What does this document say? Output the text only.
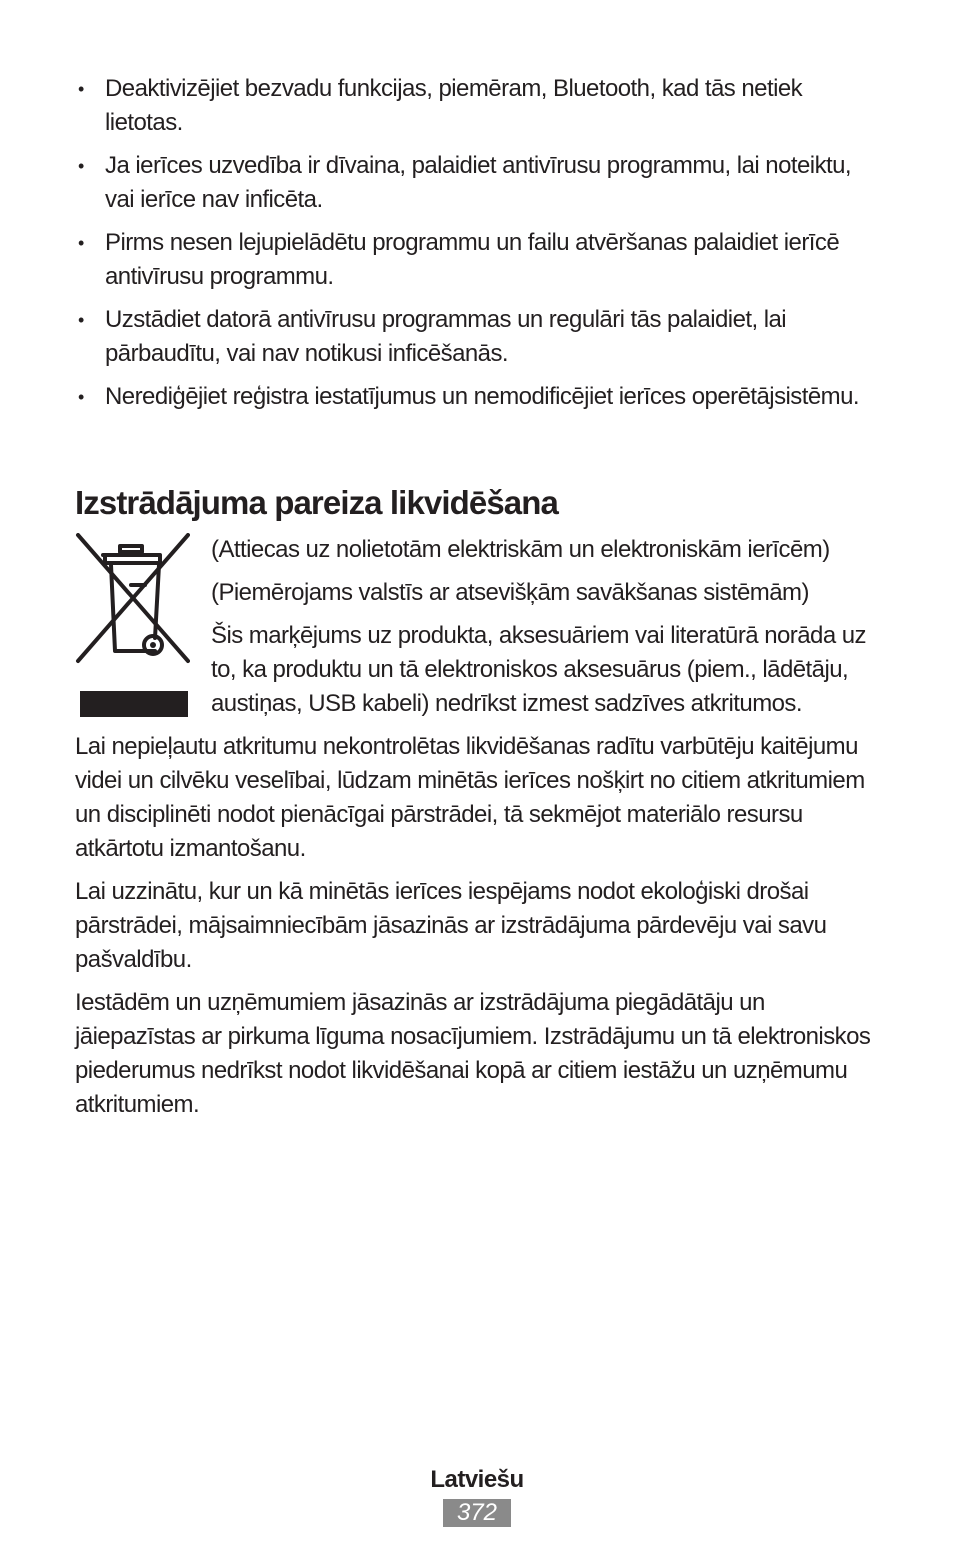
• Deaktivizējiet bezvadu funkcijas, piemēram, Bluetooth, kad tās netiek lietotas.
• Ja ierīces uzvedība ir dīvaina, palaidiet antivīrusu programmu, lai noteiktu, vai ierīce nav inficēta.
• Pirms nesen lejupielādētu programmu un failu atvēršanas palaidiet ierīcē antivīrusu programmu.
• Uzstādiet datorā antivīrusu programmas un regulāri tās palaidiet, lai pārbaudītu, vai nav notikusi inficēšanās.
• Nerediģējiet reģistra iestatījumus un nemodificējiet ierīces operētājsistēmu.
Izstrādājuma pareiza likvidēšana

(Attiecas uz nolietotām elektriskām un elektroniskām ierīcēm)

(Piemērojams valstīs ar atsevišķām savākšanas sistēmām)

Šis marķējums uz produkta, aksesuāriem vai literatūrā norāda uz to, ka produktu un tā elektroniskos aksesuārus (piem., lādētāju, austiņas, USB kabeli) nedrīkst izmest sadzīves atkritumos.

Lai nepieļautu atkritumu nekontrolētas likvidēšanas radītu varbūtēju kaitējumu videi un cilvēku veselībai, lūdzam minētās ierīces nošķirt no citiem atkritumiem un disciplinēti nodot pienācīgai pārstrādei, tā sekmējot materiālo resursu atkārtotu izmantošanu.

Lai uzzinātu, kur un kā minētās ierīces iespējams nodot ekoloģiski drošai pārstrādei, mājsaimniecībām jāsazinās ar izstrādājuma pārdevēju vai savu pašvaldību.

Iestādēm un uzņēmumiem jāsazinās ar izstrādājuma piegādātāju un jāiepazīstas ar pirkuma līguma nosacījumiem. Izstrādājumu un tā elektroniskos piederumus nedrīkst nodot likvidēšanai kopā ar citiem iestāžu un uzņēmumu atkritumiem.

Latviešu
372
